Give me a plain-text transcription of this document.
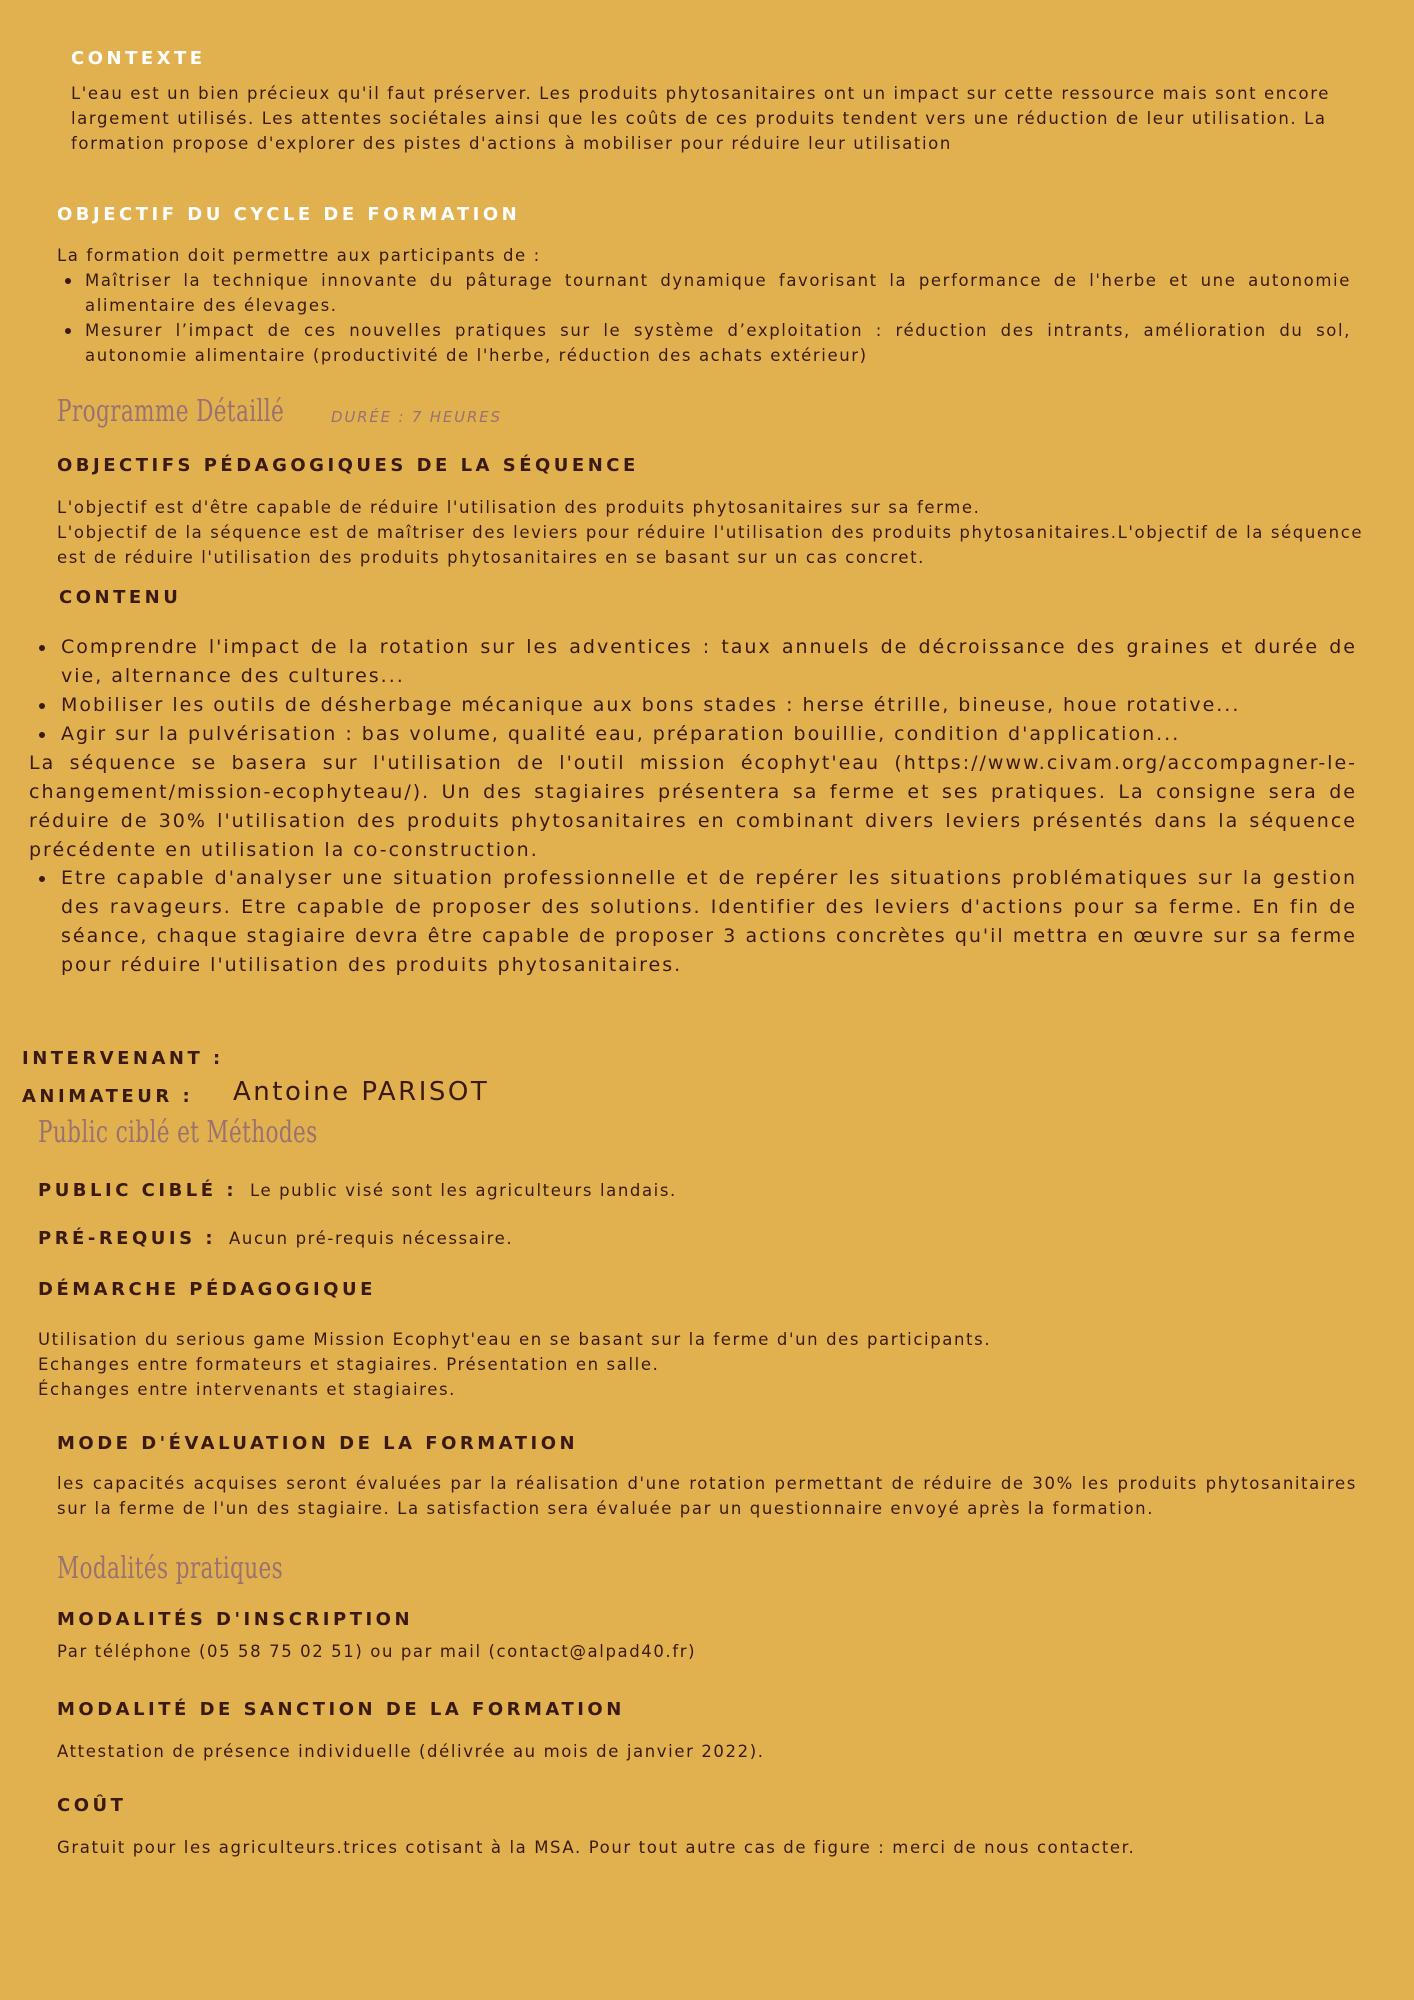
CONTEXTE
L'eau est un bien précieux qu'il faut préserver. Les produits phytosanitaires ont un impact sur cette ressource mais sont encore largement utilisés. Les attentes sociétales ainsi que les coûts de ces produits tendent vers une réduction de leur utilisation. La formation propose d'explorer des pistes d'actions à mobiliser pour réduire leur utilisation
OBJECTIF DU CYCLE DE FORMATION
La formation doit permettre aux participants de :
Maîtriser la technique innovante du pâturage tournant dynamique favorisant la performance de l'herbe et une autonomie alimentaire des élevages.
Mesurer l’impact de ces nouvelles pratiques sur le système d’exploitation : réduction des intrants, amélioration du sol, autonomie alimentaire (productivité de l'herbe, réduction des achats extérieur)
Programme Détaillé	DURÉE : 7 HEURES
OBJECTIFS PÉDAGOGIQUES DE LA SÉQUENCE
L'objectif est d'être capable de réduire l'utilisation des produits phytosanitaires sur sa ferme.
L'objectif de la séquence est de maîtriser des leviers pour réduire l'utilisation des produits phytosanitaires.L'objectif de la séquence est de réduire l'utilisation des produits phytosanitaires en se basant sur un cas concret.
CONTENU
Comprendre l'impact de la rotation sur les adventices : taux annuels de décroissance des graines et durée de vie, alternance des cultures...
Mobiliser les outils de désherbage mécanique aux bons stades : herse étrille, bineuse, houe rotative...
Agir sur la pulvérisation : bas volume, qualité eau, préparation bouillie, condition d'application...
La séquence se basera sur l'utilisation de l'outil mission écophyt'eau (https://www.civam.org/accompagner-le-changement/mission-ecophyteau/). Un des stagiaires présentera sa ferme et ses pratiques. La consigne sera de réduire de 30% l'utilisation des produits phytosanitaires en combinant divers leviers présentés dans la séquence précédente en utilisation la co-construction.
Etre capable d'analyser une situation professionnelle et de repérer les situations problématiques sur la gestion des ravageurs. Etre capable de proposer des solutions. Identifier des leviers d'actions pour sa ferme. En fin de séance, chaque stagiaire devra être capable de proposer 3 actions concrètes qu'il mettra en œuvre sur sa ferme pour réduire l'utilisation des produits phytosanitaires.
INTERVENANT :
ANIMATEUR : Antoine PARISOT
Public ciblé et Méthodes
PUBLIC CIBLÉ : Le public visé sont les agriculteurs landais.
PRÉ-REQUIS : Aucun pré-requis nécessaire.
DÉMARCHE PÉDAGOGIQUE

Utilisation du serious game Mission Ecophyt'eau en se basant sur la ferme d'un des participants.

Echanges entre formateurs et stagiaires. Présentation en salle.

Échanges entre intervenants et stagiaires.

MODE D'ÉVALUATION DE LA FORMATION
les capacités acquises seront évaluées par la réalisation d'une rotation permettant de réduire de 30% les produits phytosanitaires sur la ferme de l'un des stagiaire. La satisfaction sera évaluée par un questionnaire envoyé après la formation.
Modalités pratiques
MODALITÉS D'INSCRIPTION
Par téléphone (05 58 75 02 51) ou par mail (contact@alpad40.fr)
MODALITÉ DE SANCTION DE LA FORMATION
Attestation de présence individuelle (délivrée au mois de janvier 2022).
COÛT
Gratuit pour les agriculteurs.trices cotisant à la MSA. Pour tout autre cas de figure : merci de nous contacter.
